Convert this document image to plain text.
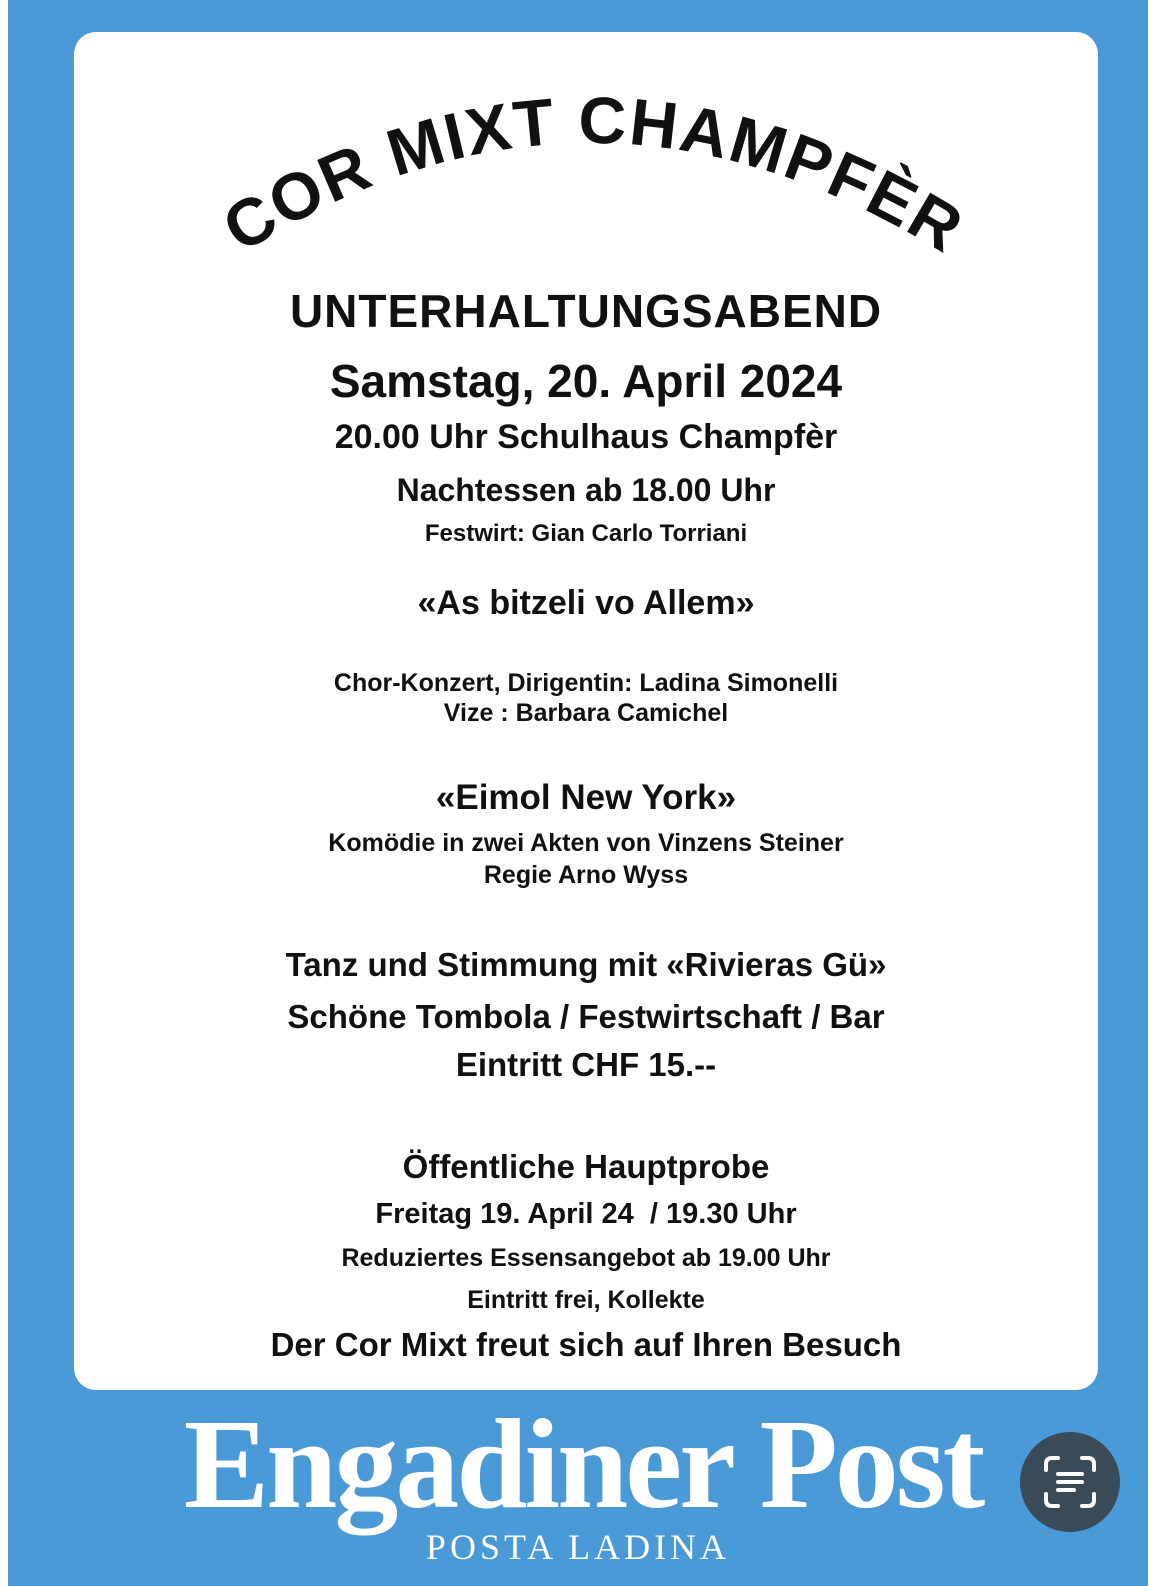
COR MIXT CHAMPFÈR
UNTERHALTUNGSABEND
Samstag, 20. April 2024
20.00 Uhr Schulhaus Champfèr
Nachtessen ab 18.00 Uhr
Festwirt: Gian Carlo Torriani
«As bitzeli vo Allem»
Chor-Konzert, Dirigentin: Ladina Simonelli
Vize : Barbara Camichel
«Eimol New York»
Komödie in zwei Akten von Vinzens Steiner
Regie Arno Wyss
Tanz und Stimmung mit «Rivieras Gü»
Schöne Tombola / Festwirtschaft / Bar
Eintritt CHF 15.--
Öffentliche Hauptprobe
Freitag 19. April 24  / 19.30 Uhr
Reduziertes Essensangebot ab 19.00 Uhr
Eintritt frei, Kollekte
Der Cor Mixt freut sich auf Ihren Besuch
Engadiner Post
POSTA LADINA
